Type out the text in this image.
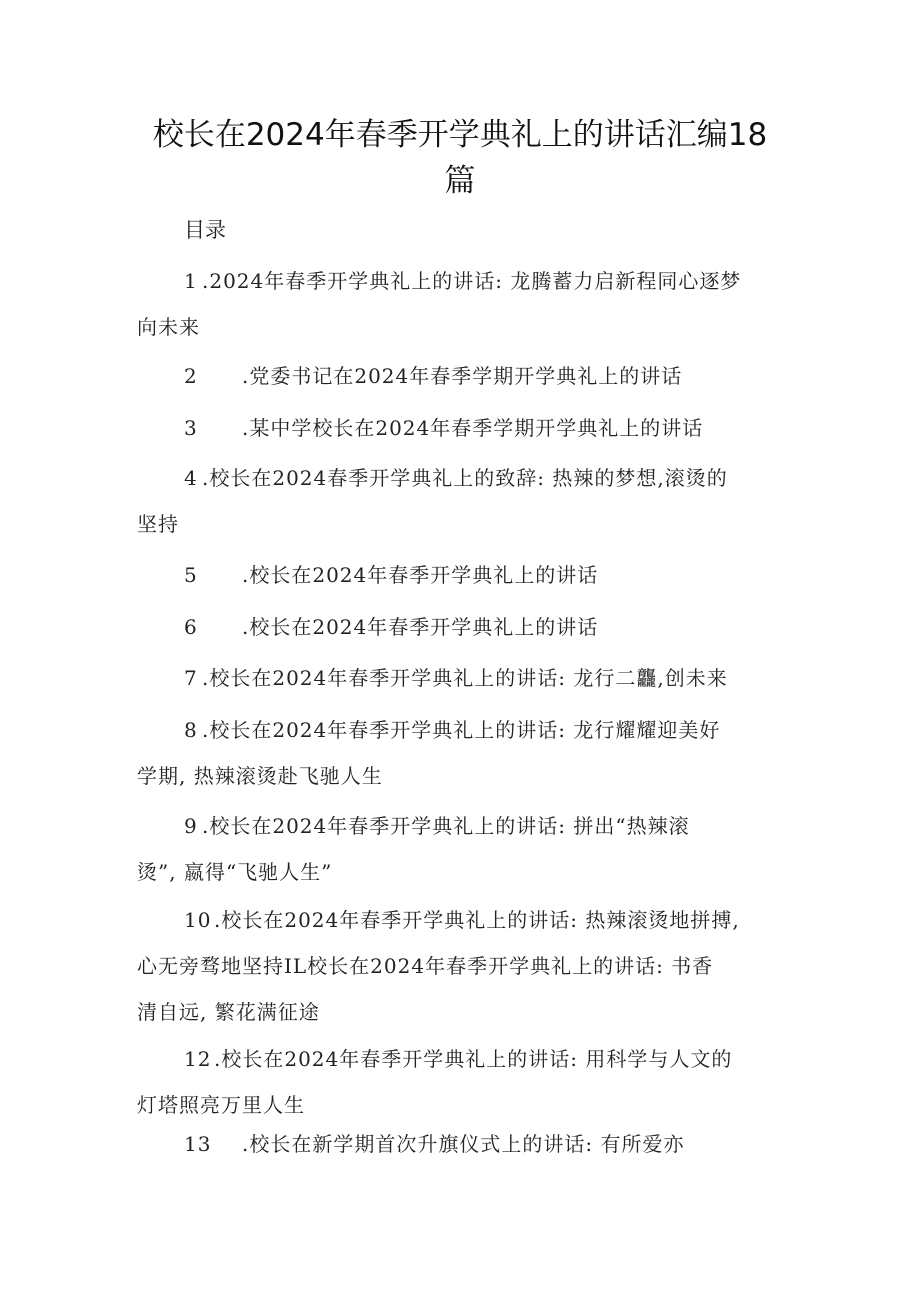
校长在2024年春季开学典礼上的讲话汇编18
篇
目录
1 .2024年春季开学典礼上的讲话: 龙腾蓄力启新程同心逐梦
向未来
2 .党委书记在2024年春季学期开学典礼上的讲话
3 .某中学校长在2024年春季学期开学典礼上的讲话
4 .校长在2024春季开学典礼上的致辞: 热辣的梦想,滚烫的
坚持
5 .校长在2024年春季开学典礼上的讲话
6 .校长在2024年春季开学典礼上的讲话
7 .校长在2024年春季开学典礼上的讲话: 龙行二龘,创未来
8 .校长在2024年春季开学典礼上的讲话: 龙行耀耀迎美好
学期, 热辣滚烫赴飞驰人生
9 .校长在2024年春季开学典礼上的讲话: 拼出“热辣滚
烫”, 嬴得“飞驰人生”
10 .校长在2024年春季开学典礼上的讲话: 热辣滚烫地拼搏,
心无旁骛地坚持IL校长在2024年春季开学典礼上的讲话: 书香
清自远, 繁花满征途
12 .校长在2024年春季开学典礼上的讲话: 用科学与人文的
灯塔照亮万里人生
13 .校长在新学期首次升旗仪式上的讲话: 有所爱亦
